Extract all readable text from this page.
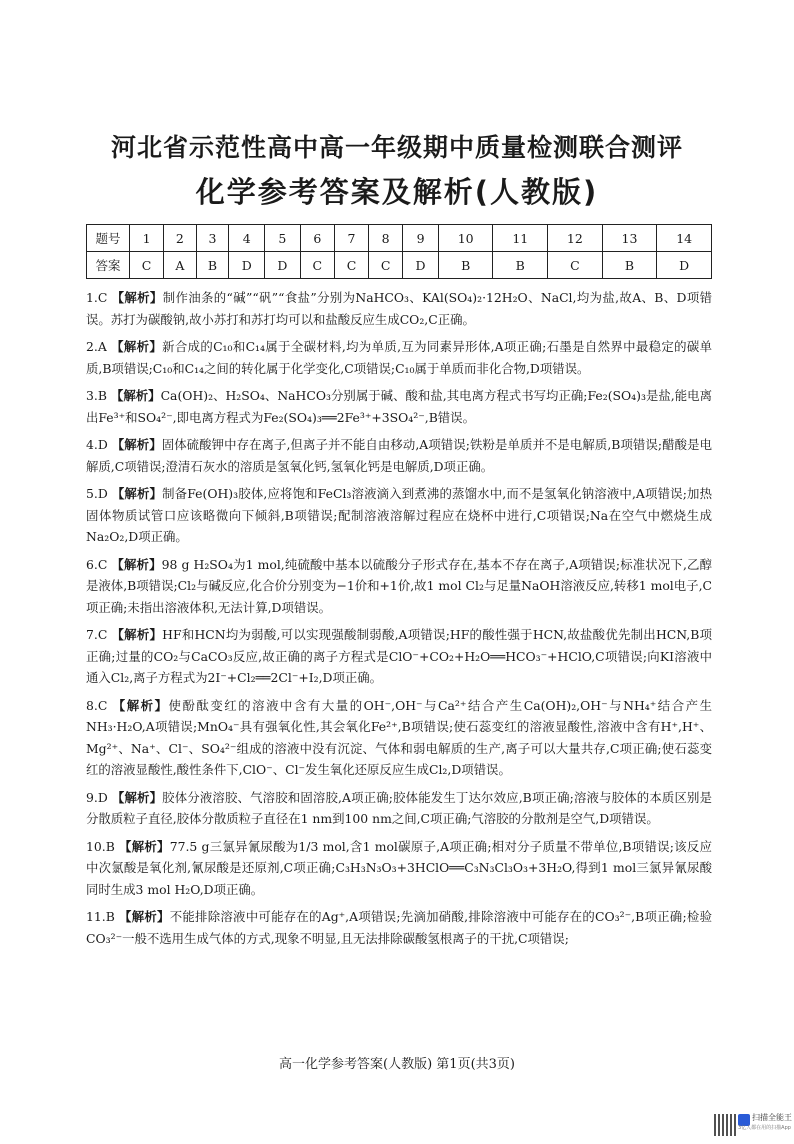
河北省示范性高中高一年级期中质量检测联合测评
化学参考答案及解析(人教版)
题号	1	2	3	4	5	6	7	8	9	10	11	12	13	14
答案	C	A	B	D	D	C	C	C	D	B	B	C	B	D

1.C 【解析】制作油条的“碱”“矾”“食盐”分别为NaHCO₃、KAl(SO₄)₂·12H₂O、NaCl,均为盐,故A、B、D项错误。苏打为碳酸钠,故小苏打和苏打均可以和盐酸反应生成CO₂,C正确。

2.A 【解析】新合成的C₁₀和C₁₄属于全碳材料,均为单质,互为同素异形体,A项正确;石墨是自然界中最稳定的碳单质,B项错误;C₁₀和C₁₄之间的转化属于化学变化,C项错误;C₁₀属于单质而非化合物,D项错误。

3.B 【解析】Ca(OH)₂、H₂SO₄、NaHCO₃分别属于碱、酸和盐,其电离方程式书写均正确;Fe₂(SO₄)₃是盐,能电离出Fe³⁺和SO₄²⁻,即电离方程式为Fe₂(SO₄)₃══2Fe³⁺+3SO₄²⁻,B错误。

4.D 【解析】固体硫酸钾中存在离子,但离子并不能自由移动,A项错误;铁粉是单质并不是电解质,B项错误;醋酸是电解质,C项错误;澄清石灰水的溶质是氢氧化钙,氢氧化钙是电解质,D项正确。

5.D 【解析】制备Fe(OH)₃胶体,应将饱和FeCl₃溶液滴入到煮沸的蒸馏水中,而不是氢氧化钠溶液中,A项错误;加热固体物质试管口应该略微向下倾斜,B项错误;配制溶液溶解过程应在烧杯中进行,C项错误;Na在空气中燃烧生成Na₂O₂,D项正确。

6.C 【解析】98 g H₂SO₄为1 mol,纯硫酸中基本以硫酸分子形式存在,基本不存在离子,A项错误;标准状况下,乙醇是液体,B项错误;Cl₂与碱反应,化合价分别变为−1价和+1价,故1 mol Cl₂与足量NaOH溶液反应,转移1 mol电子,C项正确;未指出溶液体积,无法计算,D项错误。

7.C 【解析】HF和HCN均为弱酸,可以实现强酸制弱酸,A项错误;HF的酸性强于HCN,故盐酸优先制出HCN,B项正确;过量的CO₂与CaCO₃反应,故正确的离子方程式是ClO⁻+CO₂+H₂O══HCO₃⁻+HClO,C项错误;向KI溶液中通入Cl₂,离子方程式为2I⁻+Cl₂══2Cl⁻+I₂,D项正确。

8.C 【解析】使酚酞变红的溶液中含有大量的OH⁻,OH⁻与Ca²⁺结合产生Ca(OH)₂,OH⁻与NH₄⁺结合产生NH₃·H₂O,A项错误;MnO₄⁻具有强氧化性,其会氧化Fe²⁺,B项错误;使石蕊变红的溶液显酸性,溶液中含有H⁺,H⁺、Mg²⁺、Na⁺、Cl⁻、SO₄²⁻组成的溶液中没有沉淀、气体和弱电解质的生产,离子可以大量共存,C项正确;使石蕊变红的溶液显酸性,酸性条件下,ClO⁻、Cl⁻发生氧化还原反应生成Cl₂,D项错误。

9.D 【解析】胶体分液溶胶、气溶胶和固溶胶,A项正确;胶体能发生丁达尔效应,B项正确;溶液与胶体的本质区别是分散质粒子直径,胶体分散质粒子直径在1 nm到100 nm之间,C项正确;气溶胶的分散剂是空气,D项错误。

10.B 【解析】77.5 g三氯异氰尿酸为1/3 mol,含1 mol碳原子,A项正确;相对分子质量不带单位,B项错误;该反应中次氯酸是氧化剂,氰尿酸是还原剂,C项正确;C₃H₃N₃O₃+3HClO══C₃N₃Cl₃O₃+3H₂O,得到1 mol三氯异氰尿酸同时生成3 mol H₂O,D项正确。

11.B 【解析】不能排除溶液中可能存在的Ag⁺,A项错误;先滴加硝酸,排除溶液中可能存在的CO₃²⁻,B项正确;检验CO₃²⁻一般不选用生成气体的方式,现象不明显,且无法排除碳酸氢根离子的干扰,C项错误;

高一化学参考答案(人教版) 第1页(共3页)
扫描全能王
3亿人都在用的扫描App
